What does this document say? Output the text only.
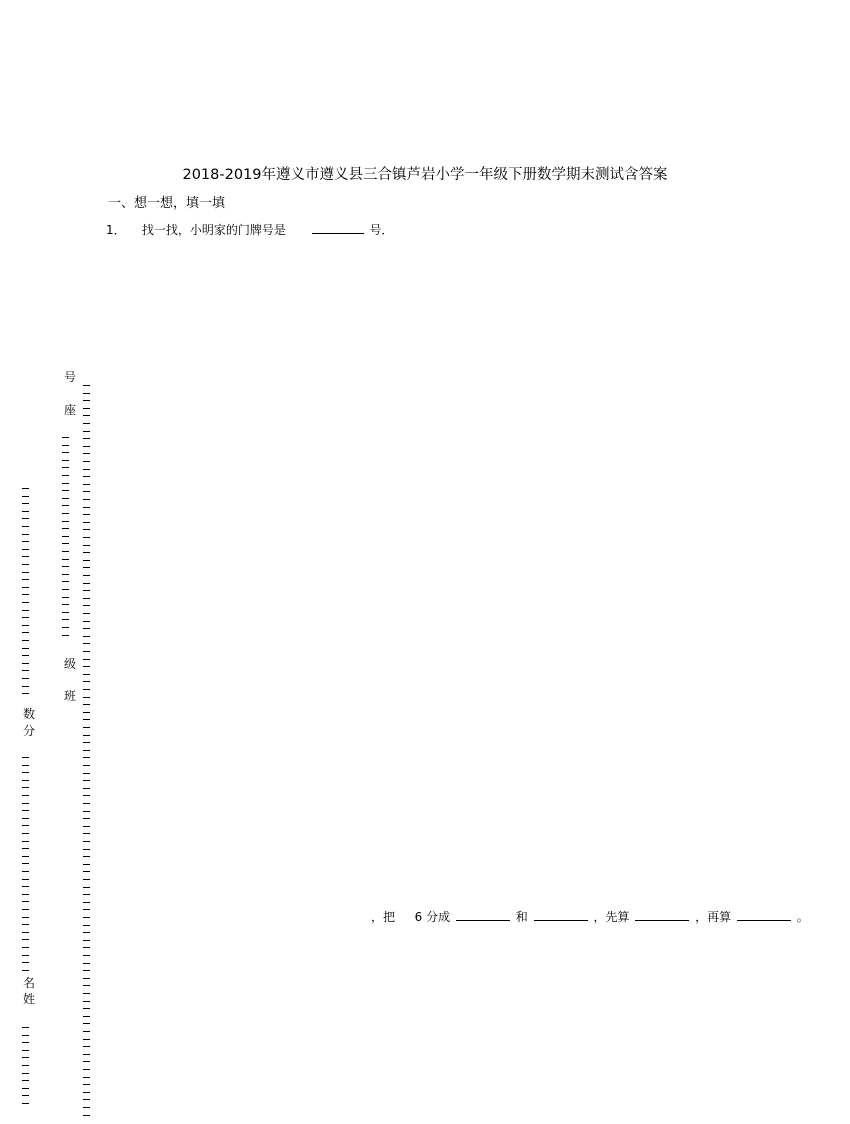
2018-2019年遵义市遵义县三合镇芦岩小学一年级下册数学期末测试含答案
一、想一想，填一填
1． 找一找，小明家的门牌号是	号．
，把 6 分成	和	，先算	，再算	。
号
座
级
班
数
分
名
姓
